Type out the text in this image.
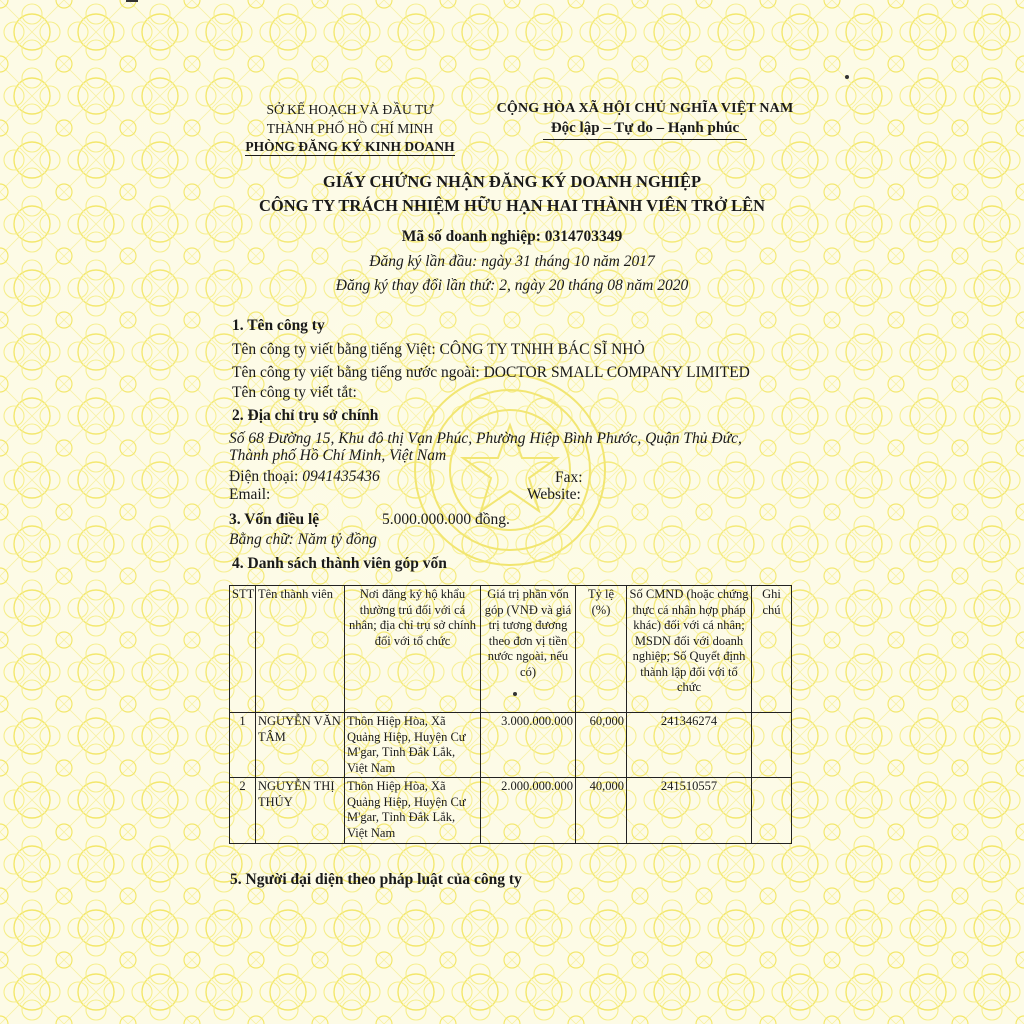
SỞ KẾ HOẠCH VÀ ĐẦU TƯ
THÀNH PHỐ HỒ CHÍ MINH
PHÒNG ĐĂNG KÝ KINH DOANH
CỘNG HÒA XÃ HỘI CHỦ NGHĨA VIỆT NAM
Độc lập – Tự do – Hạnh phúc
GIẤY CHỨNG NHẬN ĐĂNG KÝ DOANH NGHIỆP
CÔNG TY TRÁCH NHIỆM HỮU HẠN HAI THÀNH VIÊN TRỞ LÊN
Mã số doanh nghiệp: 0314703349
Đăng ký lần đầu: ngày 31 tháng 10 năm 2017
Đăng ký thay đổi lần thứ: 2, ngày 20 tháng 08 năm 2020
1. Tên công ty
Tên công ty viết bằng tiếng Việt: CÔNG TY TNHH BÁC SĨ NHỎ
Tên công ty viết bằng tiếng nước ngoài: DOCTOR SMALL COMPANY LIMITED
Tên công ty viết tắt:
2. Địa chỉ trụ sở chính
Số 68 Đường 15, Khu đô thị Vạn Phúc, Phường Hiệp Bình Phước, Quận Thủ Đức,
Thành phố Hồ Chí Minh, Việt Nam
Điện thoại: 0941435436	Fax:
Email:	Website:
3. Vốn điều lệ	5.000.000.000 đồng.
Bằng chữ: Năm tỷ đồng
4. Danh sách thành viên góp vốn
STT	Tên thành viên	Nơi đăng ký hộ khẩu thường trú đối với cá nhân; địa chỉ trụ sở chính đối với tổ chức	Giá trị phần vốn góp (VNĐ và giá trị tương đương theo đơn vị tiền nước ngoài, nếu có)	Tỷ lệ (%)	Số CMND (hoặc chứng thực cá nhân hợp pháp khác) đối với cá nhân; MSDN đối với doanh nghiệp; Số Quyết định thành lập đối với tổ chức	Ghi chú
1	NGUYỄN VĂN TÂM	Thôn Hiệp Hòa, Xã Quảng Hiệp, Huyện Cư M'gar, Tỉnh Đắk Lắk, Việt Nam	3.000.000.000	60,000	241346274	
2	NGUYỄN THỊ THÚY	Thôn Hiệp Hòa, Xã Quảng Hiệp, Huyện Cư M'gar, Tỉnh Đắk Lắk, Việt Nam	2.000.000.000	40,000	241510557	
5. Người đại diện theo pháp luật của công ty
